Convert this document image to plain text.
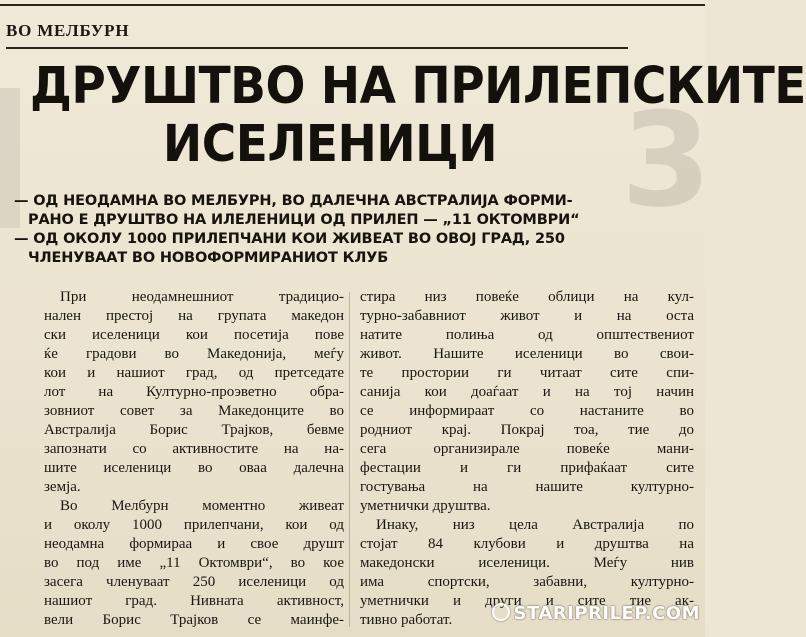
3

ВО МЕЛБУРН
ДРУШТВО НА ПРИЛЕПСКИТЕ
ИСЕЛЕНИЦИ
— ОД НЕОДАМНА ВО МЕЛБУРН, ВО ДАЛЕЧНА АВСТРАЛИЈА ФОРМИ-
РАНО Е ДРУШТВО НА ИЛЕЛЕНИЦИ ОД ПРИЛЕП — „11 ОКТОМВРИ“
— ОД ОКОЛУ 1000 ПРИЛЕПЧАНИ КОИ ЖИВЕАТ ВО ОВОЈ ГРАД, 250
ЧЛЕНУВААТ ВО НОВОФОРМИРАНИОТ КЛУБ
При неодамнешниот традицио-
нален престој на групата македон
ски иселеници кои посетија пове
ќе градови во Македонија, меѓу
кои и нашиот град, од претседате
лот на Културно-проэветно обра-
зовниот совет за Македонците во
Австралија Борис Трајков, бевме
запознати со активностите на на-
шите иселеници во оваа далечна
земја.
Во Мелбурн моментно живеат
и околу 1000 прилепчани, кои од
неодамна формираа и свое друшт
во под име „11 Октомври“, во кое
засега членуваат 250 иселеници од
нашиот град. Нивната активност,
вели Борис Трајков се маинфе-
стира низ повеќе облици на кул-
турно-забавниот живот и на оста
натите полиња од општествениот
живот. Нашите иселеници во свои-
те простории ги читаат сите спи-
санија кои доаѓаат и на тој начин
се информираат со настаните во
родниот крај. Покрај тоа, тие до
сега организирале повеќе мани-
фестации и ги прифаќаат сите
гостувања на нашите културно-
уметнички друштва.
Инаку, низ цела Австралија по
стојат 84 клубови и друштва на
македонски иселеници. Меѓу нив
има спортски, забавни, културно-
уметнички и други и сите тие ак-
тивно работат.	STARIPRILEP.COM
